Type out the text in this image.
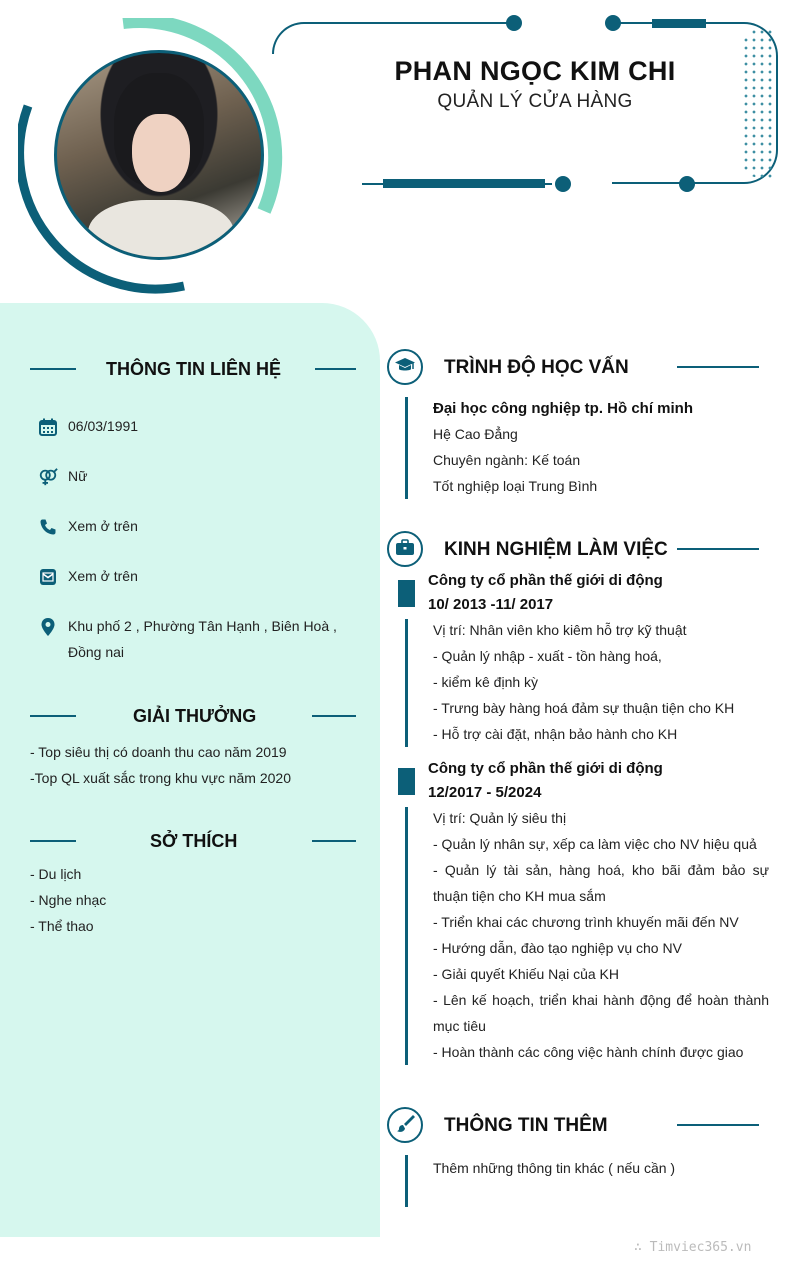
PHAN NGỌC KIM CHI
QUẢN LÝ CỬA HÀNG
THÔNG TIN LIÊN HỆ
06/03/1991
Nữ
Xem ở trên
Xem ở trên
Khu phố 2 , Phường Tân Hạnh , Biên Hoà , Đồng nai
GIẢI THƯỞNG
- Top siêu thị có doanh thu cao năm 2019
-Top QL xuất sắc trong khu vực năm 2020
SỞ THÍCH
- Du lịch
- Nghe nhạc
- Thể thao
TRÌNH ĐỘ HỌC VẤN
Đại học công nghiệp tp. Hồ chí minh
Hệ Cao Đẳng
Chuyên ngành: Kế toán
Tốt nghiệp loại Trung Bình
KINH NGHIỆM LÀM VIỆC
Công ty cổ phần thế giới di động
10/ 2013 -11/ 2017
Vị trí: Nhân viên kho kiêm hỗ trợ kỹ thuật
- Quản lý nhập - xuất - tồn hàng hoá,
- kiểm kê định kỳ
- Trưng bày hàng hoá đảm sự thuận tiện cho KH
- Hỗ trợ cài đặt, nhận bảo hành cho KH
Công ty cổ phần thế giới di động
12/2017 - 5/2024
Vị trí: Quản lý siêu thị
- Quản lý nhân sự, xếp ca làm việc cho NV hiệu quả
- Quản lý tài sản, hàng hoá, kho bãi đảm bảo sự thuận tiện cho KH mua sắm
- Triển khai các chương trình khuyến mãi đến NV
- Hướng dẫn, đào tạo nghiệp vụ cho NV
- Giải quyết Khiếu Nại của KH
- Lên kế hoạch, triển khai hành động để hoàn thành mục tiêu
- Hoàn thành các công việc hành chính được giao
THÔNG TIN THÊM
Thêm những thông tin khác ( nếu cần )
∴ Timviec365.vn
